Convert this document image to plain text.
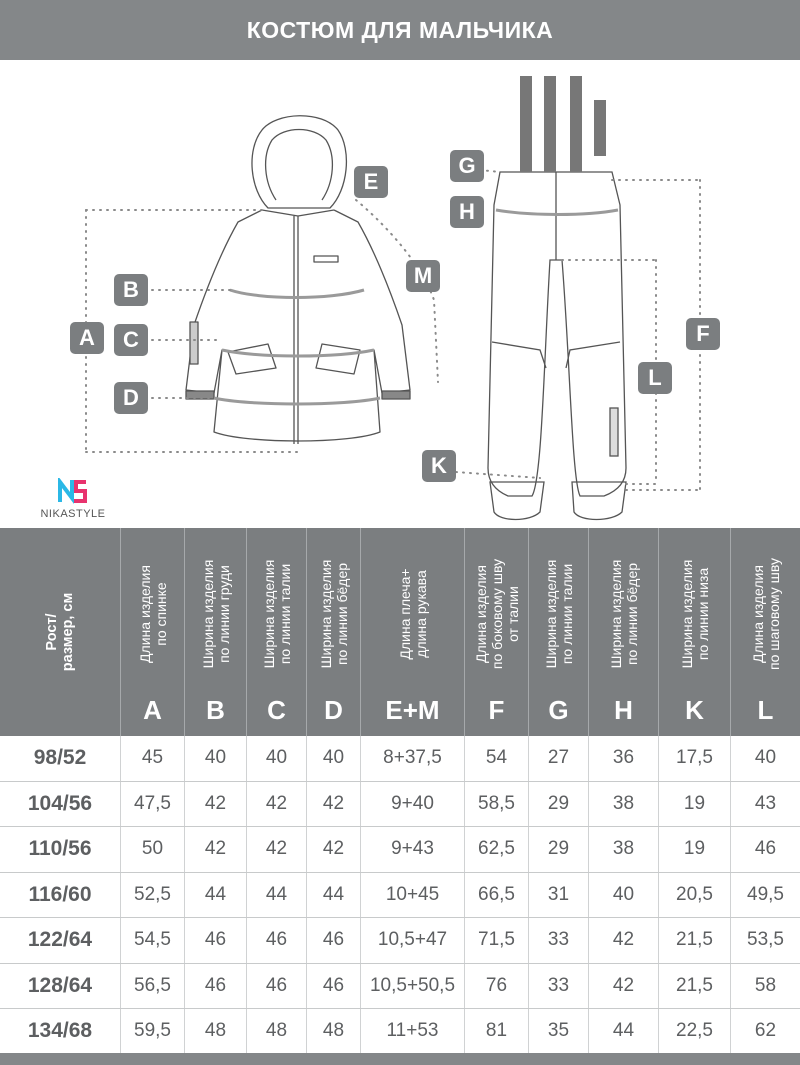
КОСТЮМ ДЛЯ МАЛЬЧИКА
A
B
C
D
E
M
G
H
F
L
K
NIKASTYLE
Рост/
размер, см	Длина изделия
по спинке
A
Ширина изделия
по линии груди
B
Ширина изделия
по линии талии
C
Ширина изделия
по линии бёдер
D
Длина плеча+
длина рукава
E+M
Длина изделия
по боковому шву
от талии
F
Ширина изделия
по линии талии
G
Ширина изделия
по линии бёдер
H
Ширина изделия
по линии низа
K
Длина изделия
по шаговому шву
L
98/52	45	40	40	40	8+37,5	54	27	36	17,5	40
104/56	47,5	42	42	42	9+40	58,5	29	38	19	43
110/56	50	42	42	42	9+43	62,5	29	38	19	46
116/60	52,5	44	44	44	10+45	66,5	31	40	20,5	49,5
122/64	54,5	46	46	46	10,5+47	71,5	33	42	21,5	53,5
128/64	56,5	46	46	46	10,5+50,5	76	33	42	21,5	58
134/68	59,5	48	48	48	11+53	81	35	44	22,5	62
